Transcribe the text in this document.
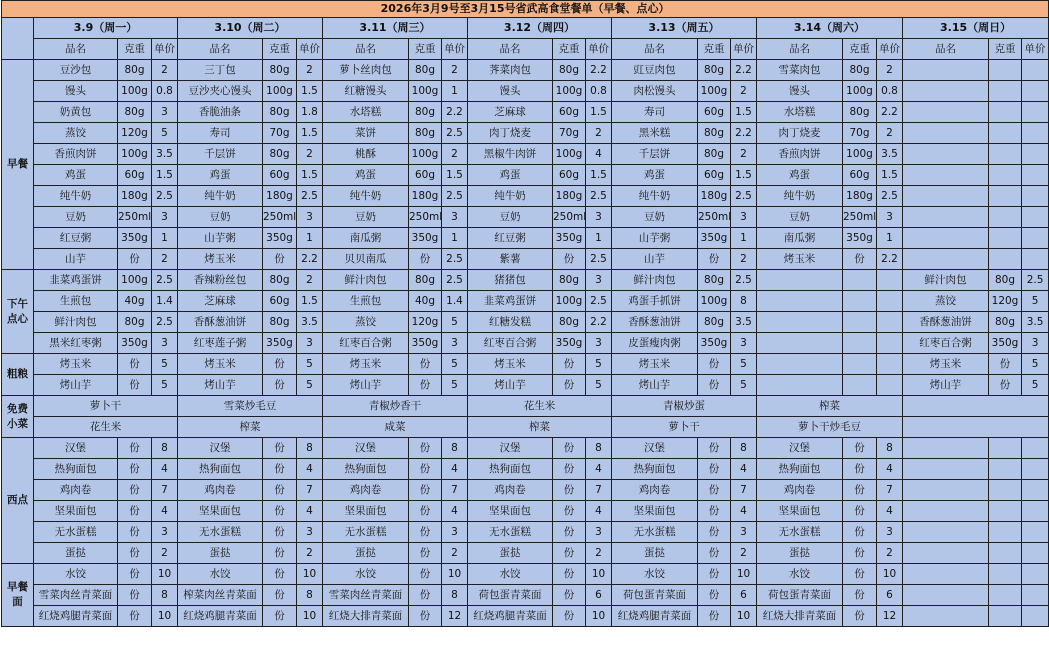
2026年3月9号至3月15号省武高食堂餐单（早餐、点心）																					
	3.9（周一）			3.10（周二）			3.11（周三）			3.12（周四）			3.13（周五）			3.14（周六）			3.15（周日）		
	品名	克重	单价	品名	克重	单价	品名	克重	单价	品名	克重	单价	品名	克重	单价	品名	克重	单价	品名	克重	单价
早餐	豆沙包	80g	2	三丁包	80g	2	萝卜丝肉包	80g	2	荠菜肉包	80g	2.2	豇豆肉包	80g	2.2	雪菜肉包	80g	2			
	馒头	100g	0.8	豆沙夹心馒头	100g	1.5	红糖馒头	100g	1	馒头	100g	0.8	肉松馒头	100g	2	馒头	100g	0.8			
	奶黄包	80g	3	香脆油条	80g	1.8	水塔糕	80g	2.2	芝麻球	60g	1.5	寿司	60g	1.5	水塔糕	80g	2.2			
	蒸饺	120g	5	寿司	70g	1.5	菜饼	80g	2.5	肉丁烧麦	70g	2	黑米糕	80g	2.2	肉丁烧麦	70g	2			
	香煎肉饼	100g	3.5	千层饼	80g	2	桃酥	100g	2	黑椒牛肉饼	100g	4	千层饼	80g	2	香煎肉饼	100g	3.5			
	鸡蛋	60g	1.5	鸡蛋	60g	1.5	鸡蛋	60g	1.5	鸡蛋	60g	1.5	鸡蛋	60g	1.5	鸡蛋	60g	1.5			
	纯牛奶	180g	2.5	纯牛奶	180g	2.5	纯牛奶	180g	2.5	纯牛奶	180g	2.5	纯牛奶	180g	2.5	纯牛奶	180g	2.5			
	豆奶	250ml	3	豆奶	250ml	3	豆奶	250ml	3	豆奶	250ml	3	豆奶	250ml	3	豆奶	250ml	3			
	红豆粥	350g	1	山芋粥	350g	1	南瓜粥	350g	1	红豆粥	350g	1	山芋粥	350g	1	南瓜粥	350g	1			
	山芋	份	2	烤玉米	份	2.2	贝贝南瓜	份	2.5	紫薯	份	2.5	山芋	份	2	烤玉米	份	2.2			
下午点心	韭菜鸡蛋饼	100g	2.5	香辣粉丝包	80g	2	鲜汁肉包	80g	2.5	猪猪包	80g	3	鲜汁肉包	80g	2.5				鲜汁肉包	80g	2.5
	生煎包	40g	1.4	芝麻球	60g	1.5	生煎包	40g	1.4	韭菜鸡蛋饼	100g	2.5	鸡蛋手抓饼	100g	8				蒸饺	120g	5
	鲜汁肉包	80g	2.5	香酥葱油饼	80g	3.5	蒸饺	120g	5	红糖发糕	80g	2.2	香酥葱油饼	80g	3.5				香酥葱油饼	80g	3.5
	黑米红枣粥	350g	3	红枣莲子粥	350g	3	红枣百合粥	350g	3	红枣百合粥	350g	3	皮蛋瘦肉粥	350g	3				红枣百合粥	350g	3
粗粮	烤玉米	份	5	烤玉米	份	5	烤玉米	份	5	烤玉米	份	5	烤玉米	份	5				烤玉米	份	5
	烤山芋	份	5	烤山芋	份	5	烤山芋	份	5	烤山芋	份	5	烤山芋	份	5				烤山芋	份	5
免费小菜	萝卜干			雪菜炒毛豆			青椒炒香干			花生米			青椒炒蛋			榨菜					
	花生米			榨菜			咸菜			榨菜			萝卜干			萝卜干炒毛豆					
西点	汉堡	份	8	汉堡	份	8	汉堡	份	8	汉堡	份	8	汉堡	份	8	汉堡	份	8			
	热狗面包	份	4	热狗面包	份	4	热狗面包	份	4	热狗面包	份	4	热狗面包	份	4	热狗面包	份	4			
	鸡肉卷	份	7	鸡肉卷	份	7	鸡肉卷	份	7	鸡肉卷	份	7	鸡肉卷	份	7	鸡肉卷	份	7			
	坚果面包	份	4	坚果面包	份	4	坚果面包	份	4	坚果面包	份	4	坚果面包	份	4	坚果面包	份	4			
	无水蛋糕	份	3	无水蛋糕	份	3	无水蛋糕	份	3	无水蛋糕	份	3	无水蛋糕	份	3	无水蛋糕	份	3			
	蛋挞	份	2	蛋挞	份	2	蛋挞	份	2	蛋挞	份	2	蛋挞	份	2	蛋挞	份	2			
早餐面	水饺	份	10	水饺	份	10	水饺	份	10	水饺	份	10	水饺	份	10	水饺	份	10			
	雪菜肉丝青菜面	份	8	榨菜肉丝青菜面	份	8	雪菜肉丝青菜面	份	8	荷包蛋青菜面	份	6	荷包蛋青菜面	份	6	荷包蛋青菜面	份	6			
	红烧鸡腿青菜面	份	10	红烧鸡腿青菜面	份	10	红烧大排青菜面	份	12	红烧鸡腿青菜面	份	10	红烧鸡腿青菜面	份	10	红烧大排青菜面	份	12			
